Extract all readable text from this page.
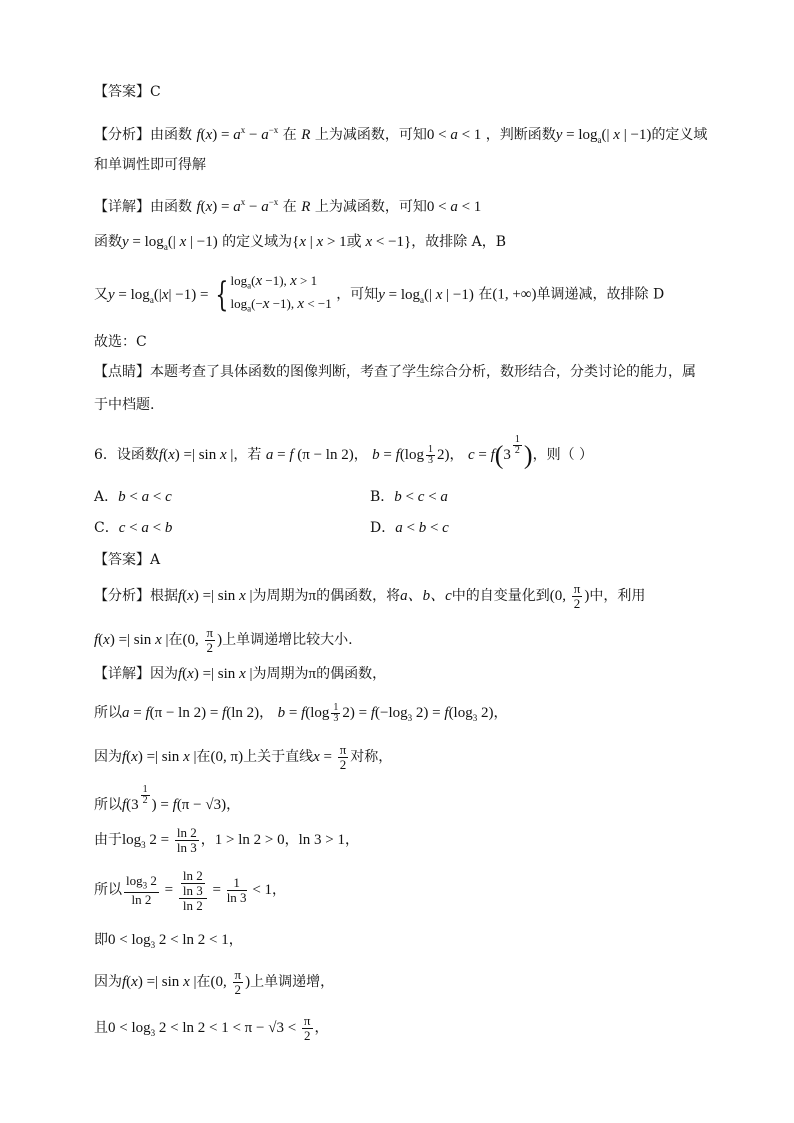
【答案】C
【分析】由函数 $f(x) = a^x - a^{-x}$ 在 R 上为减函数，可知0 < a < 1 ，判断函数$y = \log_a(|$ x | −1)的定义域
和单调性即可得解
【详解】由函数 $f(x) = a^x - a^{-x}$ 在 R 上为减函数，可知0 < a < 1
函数$y = \log_a(|$ x | −1) 的定义域为{x | x > 1或 x < −1}，故排除 A，B
又$y = \log_a(|x| -1)$ = { $\log_a(x -1)$, x > 1
$\log_a(-x -1)$, x < −1 ，可知$y = \log_a(|$ x | −1) 在(1, +∞)单调递减，故排除 D
故选：C
【点睛】本题考查了具体函数的图像判断，考查了学生综合分析，数形结合，分类讨论的能力，属
于中档题.
6．设函数f(x) =| sin x |，若 a = f (π − ln 2)， $b = f(\log \frac{1}{3} 2)$， c = f(3 $^{\frac{1}{2}}$ )，则（ ）
A．b < a < c	B．b < c < a
C．c < a < b	D．a < b < c
【答案】A
【分析】根据f(x) =| sin x |为周期为π的偶函数，将a、b、c中的自变量化到(0, $\frac{\pi}{2}$ )中，利用
f(x) =| sin x |在(0, $\frac{\pi}{2}$ )上单调递增比较大小.
【详解】因为f(x) =| sin x |为周期为π的偶函数，
所以a = f(π − ln 2) = f(ln 2)， $b = f(\log \frac{1}{3} 2) = f(-\log_3$ $2) = f(\log_3$ 2)，
因为f(x) =| sin x |在(0, π)上关于直线$x = \frac{\pi}{2}$ 对称，
所以f(3 $^{\frac{1}{2}}$ ) = f(π − √3)，
由于$\log_3 2 = \frac{\ln 2}{\ln 3}$ ，1 > ln 2 > 0，ln 3 > 1，
所以 $\frac{\log_3 2}{\ln 2} = \frac{\frac{\ln 2}{\ln 3}}{\ln 2} = \frac{1}{\ln 3} < 1$，
即$0 < \log_3 2 < \ln 2 < 1$，
因为f(x) =| sin x |在(0, $\frac{\pi}{2}$ )上单调递增，
且$0 < \log_3 2 < \ln 2 < 1 < \pi - √3 < \frac{\pi}{2}$ ，
